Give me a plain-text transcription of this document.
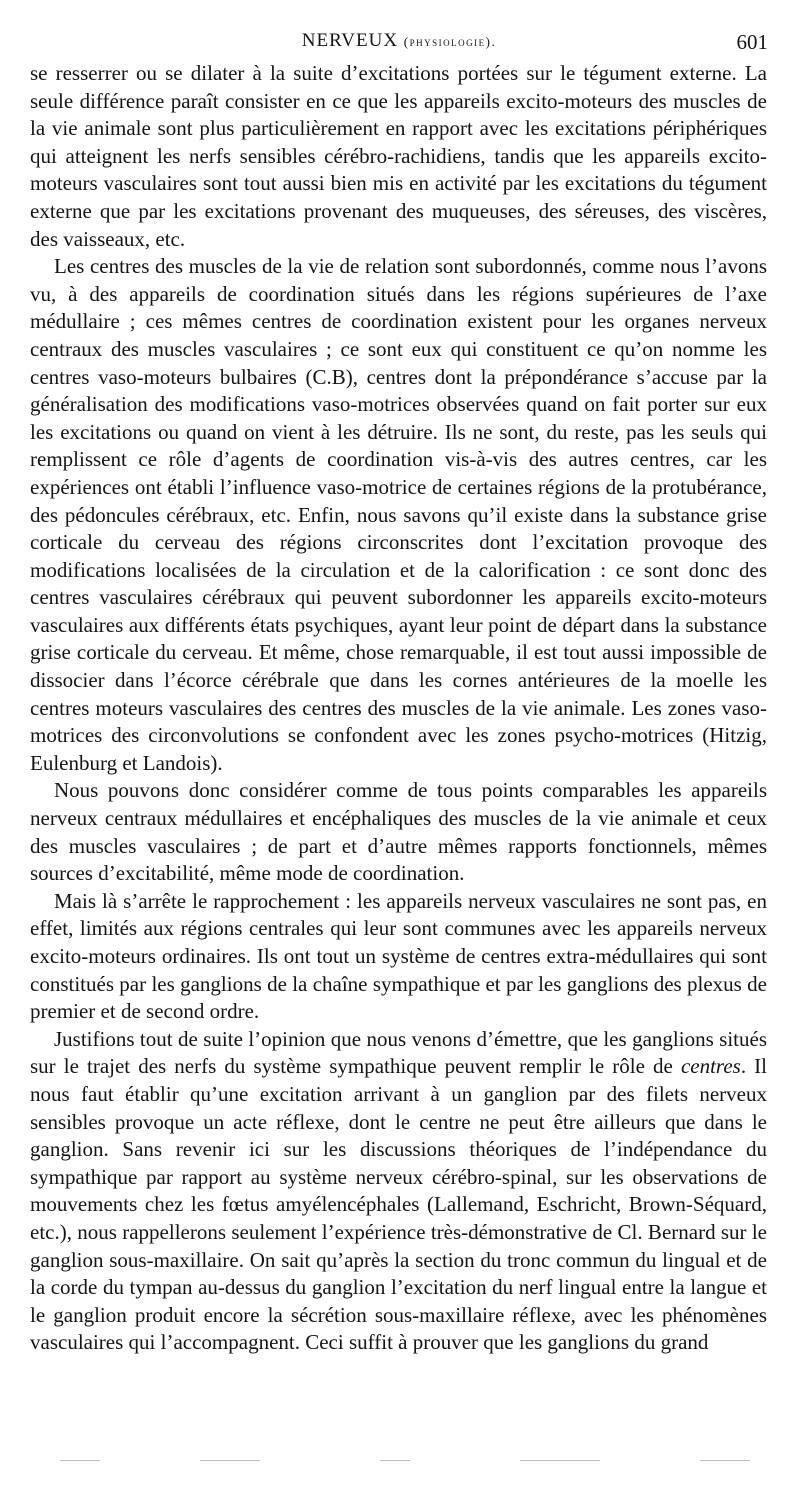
NERVEUX (physiologie).	601

se resserrer ou se dilater à la suite d’excitations portées sur le tégument externe. La seule différence paraît consister en ce que les appareils excito-moteurs des muscles de la vie animale sont plus particulièrement en rapport avec les excitations périphériques qui atteignent les nerfs sensibles cérébro-rachidiens, tandis que les appareils excito-moteurs vasculaires sont tout aussi bien mis en activité par les excitations du tégument externe que par les excitations provenant des muqueuses, des séreuses, des viscères, des vaisseaux, etc.

Les centres des muscles de la vie de relation sont subordonnés, comme nous l’avons vu, à des appareils de coordination situés dans les régions supérieures de l’axe médullaire ; ces mêmes centres de coordination existent pour les organes nerveux centraux des muscles vasculaires ; ce sont eux qui constituent ce qu’on nomme les centres vaso-moteurs bulbaires (C.B), centres dont la prépondérance s’accuse par la généralisation des modifications vaso-motrices observées quand on fait porter sur eux les excitations ou quand on vient à les détruire. Ils ne sont, du reste, pas les seuls qui remplissent ce rôle d’agents de coordination vis-à-vis des autres centres, car les expériences ont établi l’influence vaso-motrice de certaines régions de la protubérance, des pédoncules cérébraux, etc. Enfin, nous savons qu’il existe dans la substance grise corticale du cerveau des régions circonscrites dont l’excitation provoque des modifications localisées de la circulation et de la calorification : ce sont donc des centres vasculaires cérébraux qui peuvent subordonner les appareils excito-moteurs vasculaires aux différents états psychiques, ayant leur point de départ dans la substance grise corticale du cerveau. Et même, chose remarquable, il est tout aussi impossible de dissocier dans l’écorce cérébrale que dans les cornes antérieures de la moelle les centres moteurs vasculaires des centres des muscles de la vie animale. Les zones vaso-motrices des circonvolutions se confondent avec les zones psycho-motrices (Hitzig, Eulenburg et Landois).

Nous pouvons donc considérer comme de tous points comparables les appareils nerveux centraux médullaires et encéphaliques des muscles de la vie animale et ceux des muscles vasculaires ; de part et d’autre mêmes rapports fonctionnels, mêmes sources d’excitabilité, même mode de coordination.

Mais là s’arrête le rapprochement : les appareils nerveux vasculaires ne sont pas, en effet, limités aux régions centrales qui leur sont communes avec les appareils nerveux excito-moteurs ordinaires. Ils ont tout un système de centres extra-médullaires qui sont constitués par les ganglions de la chaîne sympathique et par les ganglions des plexus de premier et de second ordre.

Justifions tout de suite l’opinion que nous venons d’émettre, que les ganglions situés sur le trajet des nerfs du système sympathique peuvent remplir le rôle de centres. Il nous faut établir qu’une excitation arrivant à un ganglion par des filets nerveux sensibles provoque un acte réflexe, dont le centre ne peut être ailleurs que dans le ganglion. Sans revenir ici sur les discussions théoriques de l’indépendance du sympathique par rapport au système nerveux cérébro-spinal, sur les observations de mouvements chez les fœtus amyélencéphales (Lallemand, Eschricht, Brown-Séquard, etc.), nous rappellerons seulement l’expérience très-démonstrative de Cl. Bernard sur le ganglion sous-maxillaire. On sait qu’après la section du tronc commun du lingual et de la corde du tympan au-dessus du ganglion l’excitation du nerf lingual entre la langue et le ganglion produit encore la sécrétion sous-maxillaire réflexe, avec les phénomènes vasculaires qui l’accompagnent. Ceci suffit à prouver que les ganglions du grand
